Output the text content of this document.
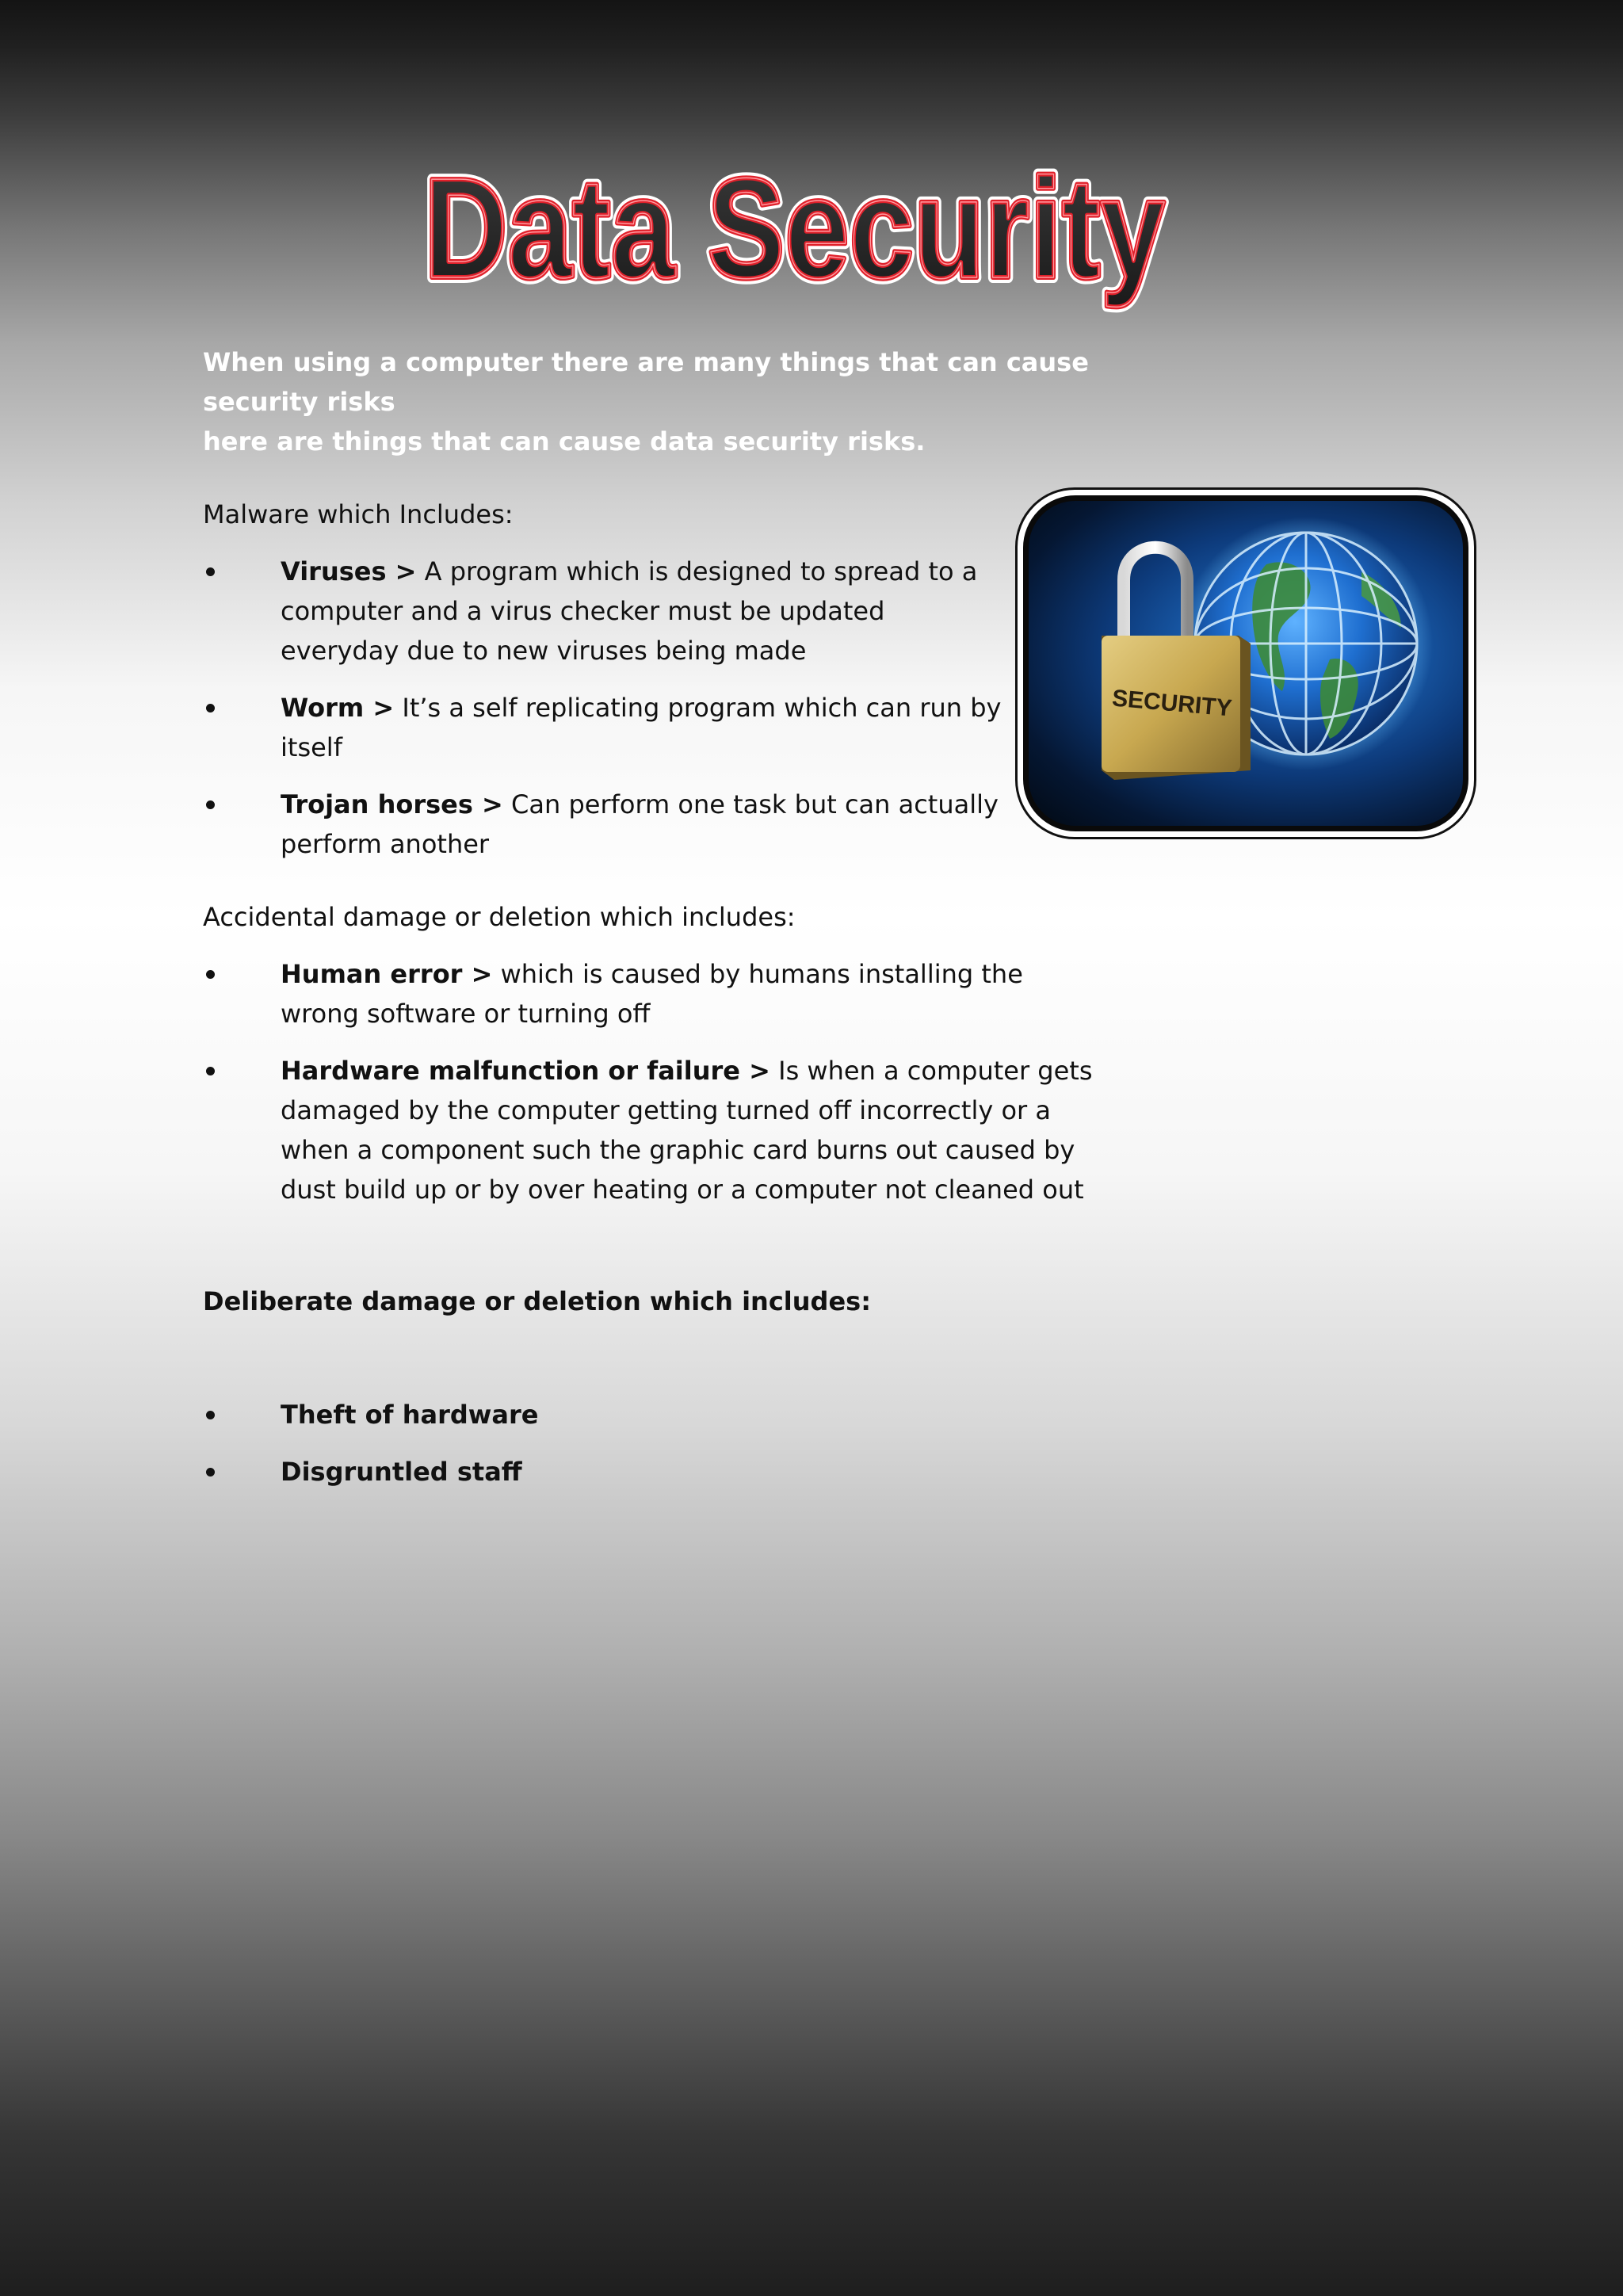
Data Security
Data Security
Data Security
When using a computer there are many things that can cause security risks
here are things that can cause data security risks.
Malware which Includes:
Viruses > A program which is designed to spread to a computer and a virus checker must be updated everyday due to new viruses being made
Worm > It’s a self replicating program which can run by itself
Trojan horses > Can perform one task but can actually perform another
SECURITY
Accidental damage or deletion which includes:
Human error > which is caused by humans installing the wrong software or turning off
Hardware malfunction or failure > Is when a computer gets damaged by the computer getting turned off incorrectly or a when a component such the graphic card burns out caused by dust build up or by over heating or a computer not cleaned out
Deliberate damage or deletion which includes:
Theft of hardware
Disgruntled staff
